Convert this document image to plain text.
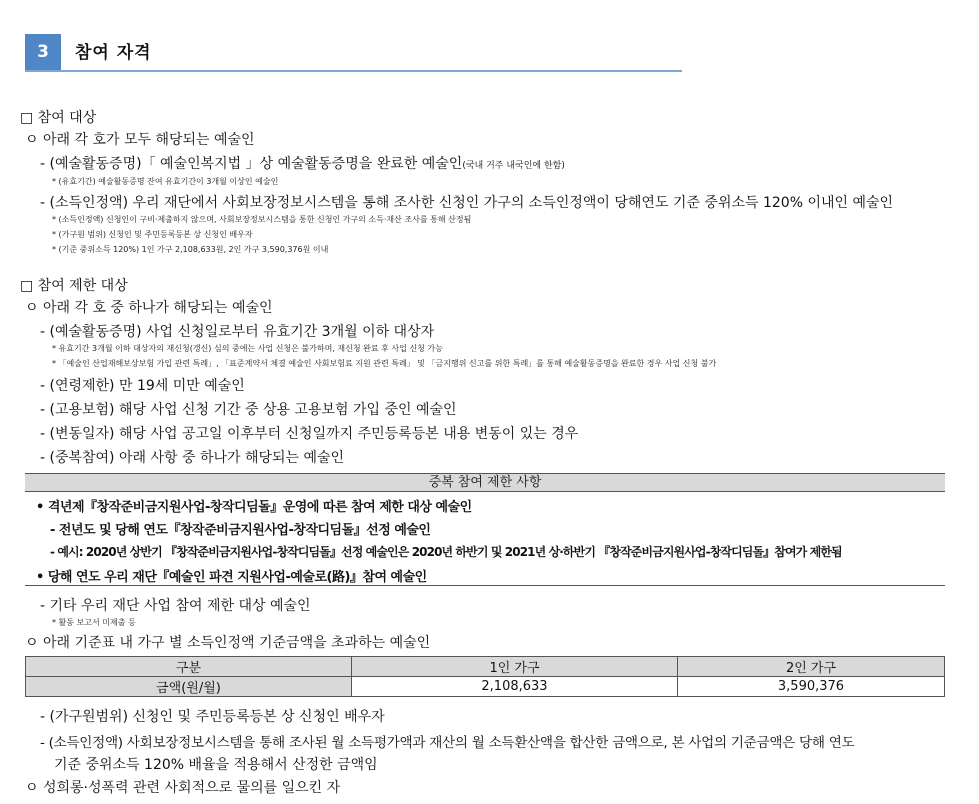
3	참여 자격
□ 참여 대상
ㅇ 아래 각 호가 모두 해당되는 예술인
- (예술활동증명)「 예술인복지법 」상 예술활동증명을 완료한 예술인(국내 거주 내국인에 한함)
* (유효기간) 예술활동증명 잔여 유효기간이 3개월 이상인 예술인
- (소득인정액) 우리 재단에서 사회보장정보시스템을 통해 조사한 신청인 가구의 소득인정액이 당해연도 기준 중위소득 120% 이내인 예술인
* (소득인정액) 신청인이 구비·제출하지 않으며, 사회보장정보시스템을 통한 신청인 가구의 소득·재산 조사를 통해 산정됨
* (가구원 범위) 신청인 및 주민등록등본 상 신청인 배우자
* (기준 중위소득 120%) 1인 가구 2,108,633원, 2인 가구 3,590,376원 이내
□ 참여 제한 대상
ㅇ 아래 각 호 중 하나가 해당되는 예술인
- (예술활동증명) 사업 신청일로부터 유효기간 3개월 이하 대상자
* 유효기간 3개월 이하 대상자의 재신청(갱신) 심의 중에는 사업 신청은 불가하며, 재신청 완료 후 사업 신청 가능
* 「예술인 산업재해보상보험 가입 관련 특례」, 「표준계약서 체결 예술인 사회보험료 지원 관련 특례」 및 「금지행위 신고를 위한 특례」를 통해 예술활동증명을 완료한 경우 사업 신청 불가
- (연령제한) 만 19세 미만 예술인
- (고용보험) 해당 사업 신청 기간 중 상용 고용보험 가입 중인 예술인
- (변동일자) 해당 사업 공고일 이후부터 신청일까지 주민등록등본 내용 변동이 있는 경우
- (중복참여) 아래 사항 중 하나가 해당되는 예술인
중복 참여 제한 사항
• 격년제『창작준비금지원사업-창작디딤돌』운영에 따른 참여 제한 대상 예술인
- 전년도 및 당해 연도『창작준비금지원사업-창작디딤돌』선정 예술인
- 예시: 2020년 상반기 『창작준비금지원사업-창작디딤돌』선정 예술인은 2020년 하반기 및 2021년 상·하반기 『창작준비금지원사업-창작디딤돌』참여가 제한됨
• 당해 연도 우리 재단『예술인 파견 지원사업-예술로(路)』참여 예술인
- 기타 우리 재단 사업 참여 제한 대상 예술인
* 활동 보고서 미제출 등
ㅇ 아래 기준표 내 가구 별 소득인정액 기준금액을 초과하는 예술인
구분	1인 가구	2인 가구
금액(원/월)	2,108,633	3,590,376
- (가구원범위) 신청인 및 주민등록등본 상 신청인 배우자
- (소득인정액) 사회보장정보시스템을 통해 조사된 월 소득평가액과 재산의 월 소득환산액을 합산한 금액으로, 본 사업의 기준금액은 당해 연도
기준 중위소득 120% 배율을 적용해서 산정한 금액임
ㅇ 성희롱·성폭력 관련 사회적으로 물의를 일으킨 자
